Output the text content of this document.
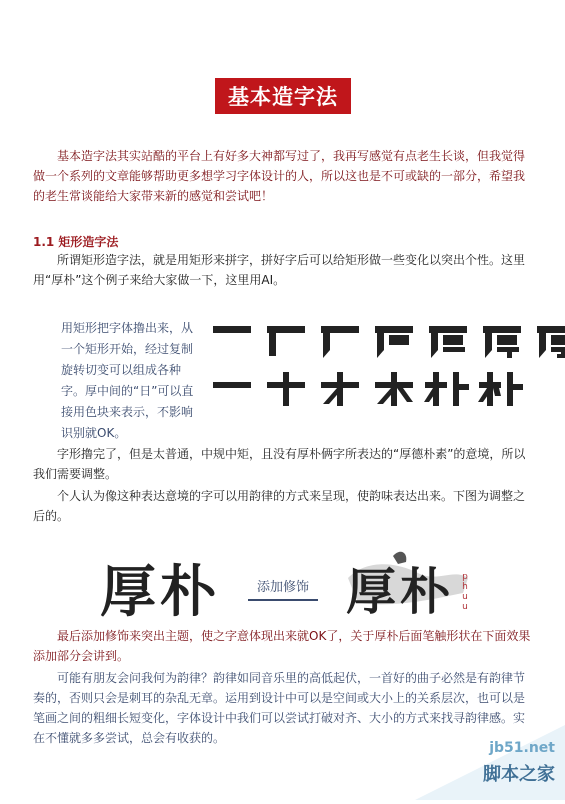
基本造字法

基本造字法其实站酷的平台上有好多大神都写过了，我再写感觉有点老生长谈，但我觉得做一个系列的文章能够帮助更多想学习字体设计的人，所以这也是不可或缺的一部分，希望我的老生常谈能给大家带来新的感觉和尝试吧！

1.1 矩形造字法

所谓矩形造字法，就是用矩形来拼字，拼好字后可以给矩形做一些变化以突出个性。这里用“厚朴”这个例子来给大家做一下，这里用AI。

用矩形把字体撸出来，从一个矩形开始，经过复制旋转切变可以组成各种字。厚中间的“日”可以直接用色块来表示，不影响识别就OK。

字形撸完了，但是太普通，中规中矩，且没有厚朴俩字所表达的“厚德朴素”的意境，所以我们需要调整。

个人认为像这种表达意境的字可以用韵律的方式来呈现，使韵味表达出来。下图为调整之后的。

厚朴	添加修饰 厚朴 p
h
u
u

最后添加修饰来突出主题，使之字意体现出来就OK了，关于厚朴后面笔触形状在下面效果添加部分会讲到。

可能有朋友会问我何为韵律？韵律如同音乐里的高低起伏，一首好的曲子必然是有韵律节奏的，否则只会是刺耳的杂乱无章。运用到设计中可以是空间或大小上的关系层次，也可以是笔画之间的粗细长短变化，字体设计中我们可以尝试打破对齐、大小的方式来找寻韵律感。实在不懂就多多尝试，总会有收获的。

jb51.net
脚本之家
